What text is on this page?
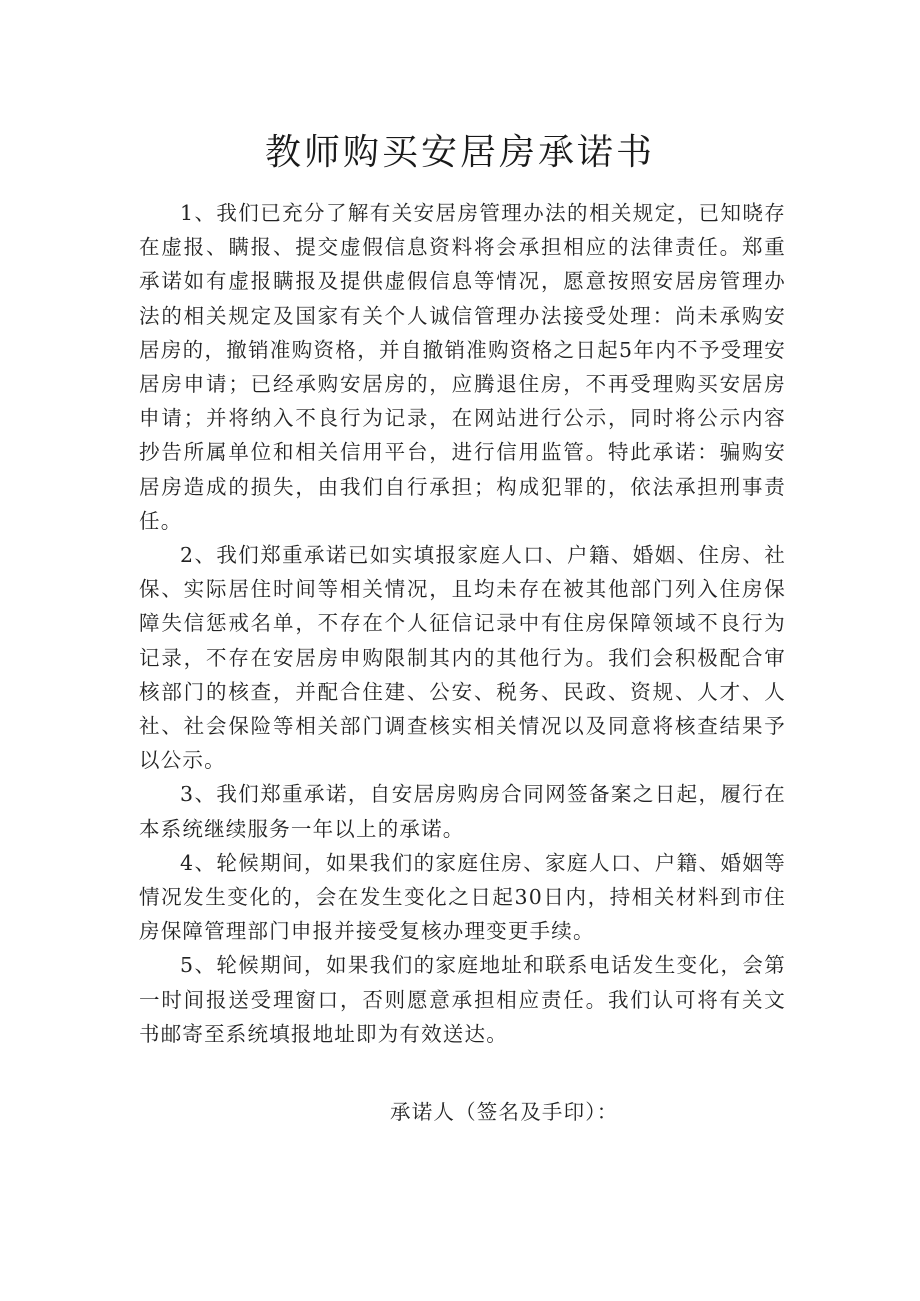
教师购买安居房承诺书

1、我们已充分了解有关安居房管理办法的相关规定，已知晓存在虚报、瞒报、提交虚假信息资料将会承担相应的法律责任。郑重承诺如有虚报瞒报及提供虚假信息等情况，愿意按照安居房管理办法的相关规定及国家有关个人诚信管理办法接受处理：尚未承购安居房的，撤销准购资格，并自撤销准购资格之日起5年内不予受理安居房申请；已经承购安居房的，应腾退住房，不再受理购买安居房申请；并将纳入不良行为记录，在网站进行公示，同时将公示内容抄告所属单位和相关信用平台，进行信用监管。特此承诺：骗购安居房造成的损失，由我们自行承担；构成犯罪的，依法承担刑事责任。

2、我们郑重承诺已如实填报家庭人口、户籍、婚姻、住房、社保、实际居住时间等相关情况，且均未存在被其他部门列入住房保障失信惩戒名单，不存在个人征信记录中有住房保障领域不良行为记录，不存在安居房申购限制其内的其他行为。我们会积极配合审核部门的核查，并配合住建、公安、税务、民政、资规、人才、人社、社会保险等相关部门调查核实相关情况以及同意将核查结果予以公示。

3、我们郑重承诺，自安居房购房合同网签备案之日起，履行在本系统继续服务一年以上的承诺。

4、轮候期间，如果我们的家庭住房、家庭人口、户籍、婚姻等情况发生变化的，会在发生变化之日起30日内，持相关材料到市住房保障管理部门申报并接受复核办理变更手续。

5、轮候期间，如果我们的家庭地址和联系电话发生变化，会第一时间报送受理窗口，否则愿意承担相应责任。我们认可将有关文书邮寄至系统填报地址即为有效送达。

承诺人（签名及手印）：
